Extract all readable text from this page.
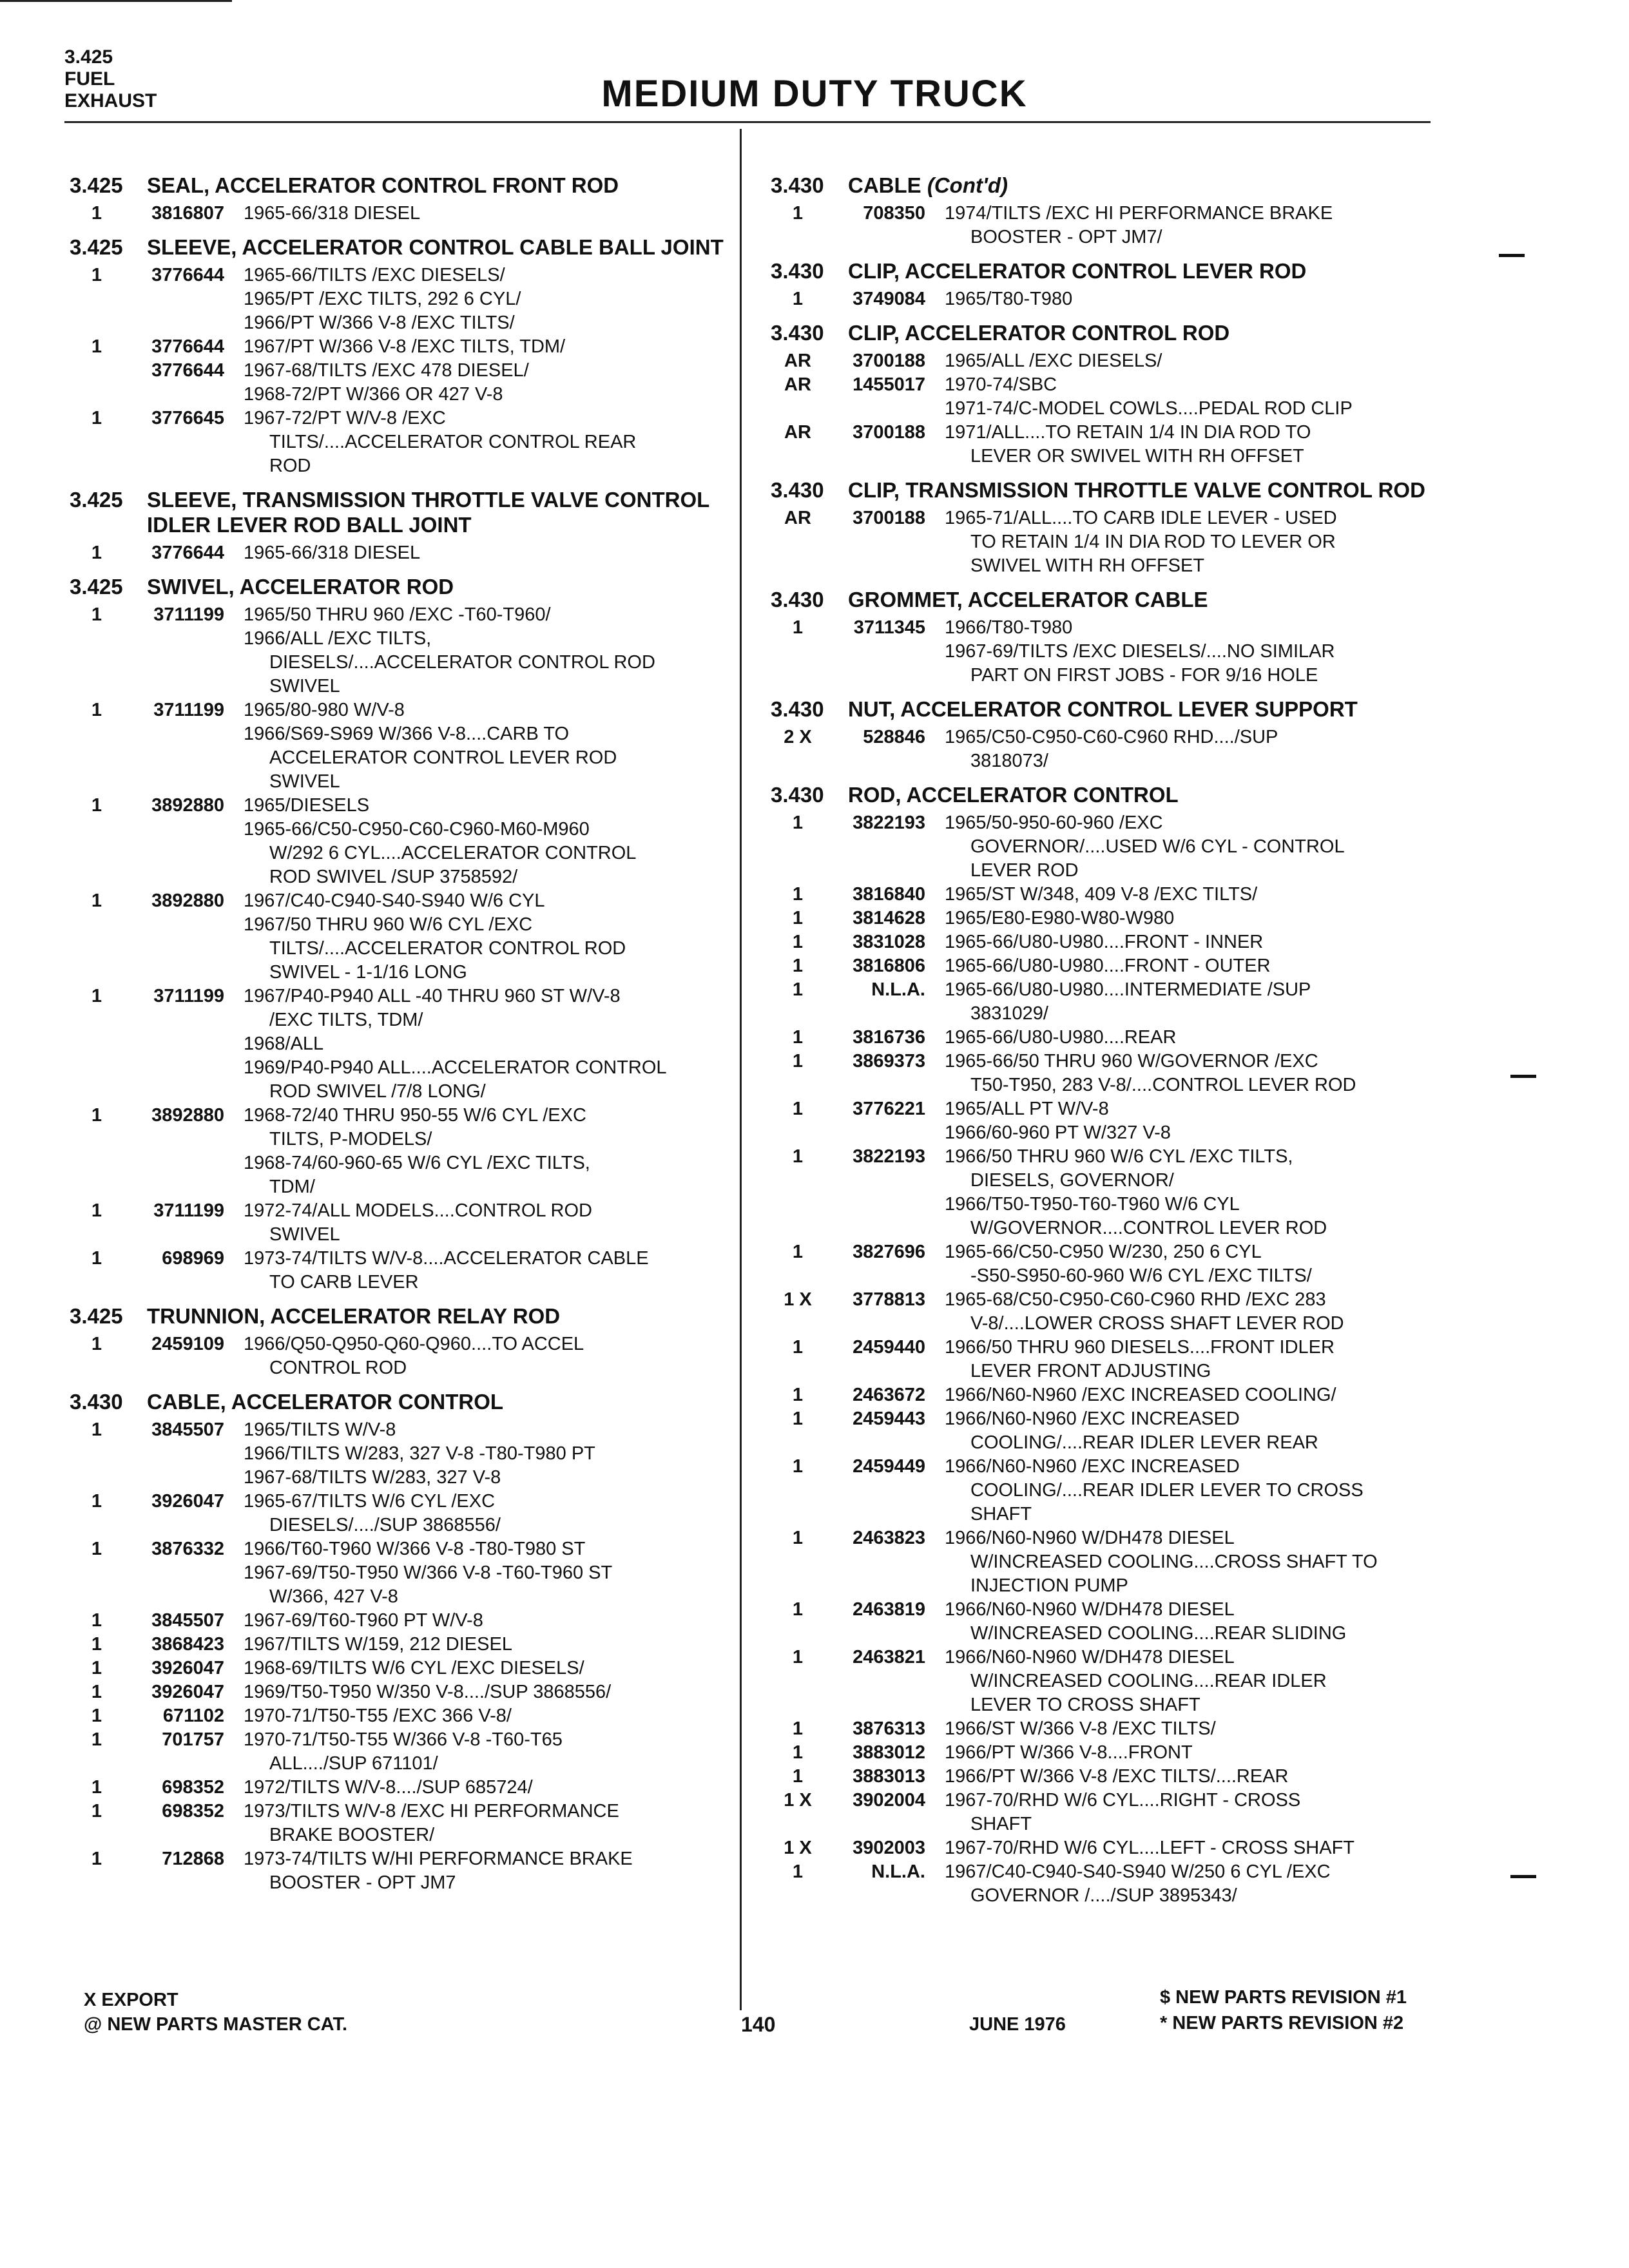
3.425
FUEL
EXHAUST	MEDIUM DUTY TRUCK
3.425	SEAL, ACCELERATOR CONTROL FRONT ROD
1	3816807	1965-66/318 DIESEL
3.425	SLEEVE, ACCELERATOR CONTROL CABLE BALL JOINT
1	3776644	1965-66/TILTS /EXC DIESELS/
1965/PT /EXC TILTS, 292 6 CYL/
1966/PT W/366 V-8 /EXC TILTS/
1	3776644	1967/PT W/366 V-8 /EXC TILTS, TDM/
3776644	1967-68/TILTS /EXC 478 DIESEL/
1968-72/PT W/366 OR 427 V-8
1	3776645	1967-72/PT W/V-8 /EXC
TILTS/....ACCELERATOR CONTROL REAR
ROD
3.425	SLEEVE, TRANSMISSION THROTTLE VALVE CONTROL IDLER LEVER ROD BALL JOINT
1	3776644	1965-66/318 DIESEL
3.425	SWIVEL, ACCELERATOR ROD
1	3711199	1965/50 THRU 960 /EXC -T60-T960/
1966/ALL /EXC TILTS,
DIESELS/....ACCELERATOR CONTROL ROD
SWIVEL
1	3711199	1965/80-980 W/V-8
1966/S69-S969 W/366 V-8....CARB TO
ACCELERATOR CONTROL LEVER ROD
SWIVEL
1	3892880	1965/DIESELS
1965-66/C50-C950-C60-C960-M60-M960
W/292 6 CYL....ACCELERATOR CONTROL
ROD SWIVEL /SUP 3758592/
1	3892880	1967/C40-C940-S40-S940 W/6 CYL
1967/50 THRU 960 W/6 CYL /EXC
TILTS/....ACCELERATOR CONTROL ROD
SWIVEL - 1-1/16 LONG
1	3711199	1967/P40-P940 ALL -40 THRU 960 ST W/V-8
/EXC TILTS, TDM/
1968/ALL
1969/P40-P940 ALL....ACCELERATOR CONTROL
ROD SWIVEL /7/8 LONG/
1	3892880	1968-72/40 THRU 950-55 W/6 CYL /EXC
TILTS, P-MODELS/
1968-74/60-960-65 W/6 CYL /EXC TILTS,
TDM/
1	3711199	1972-74/ALL MODELS....CONTROL ROD
SWIVEL
1	698969	1973-74/TILTS W/V-8....ACCELERATOR CABLE
TO CARB LEVER
3.425	TRUNNION, ACCELERATOR RELAY ROD
1	2459109	1966/Q50-Q950-Q60-Q960....TO ACCEL
CONTROL ROD
3.430	CABLE, ACCELERATOR CONTROL
1	3845507	1965/TILTS W/V-8
1966/TILTS W/283, 327 V-8 -T80-T980 PT
1967-68/TILTS W/283, 327 V-8
1	3926047	1965-67/TILTS W/6 CYL /EXC
DIESELS/..../SUP 3868556/
1	3876332	1966/T60-T960 W/366 V-8 -T80-T980 ST
1967-69/T50-T950 W/366 V-8 -T60-T960 ST
W/366, 427 V-8
1	3845507	1967-69/T60-T960 PT W/V-8
1	3868423	1967/TILTS W/159, 212 DIESEL
1	3926047	1968-69/TILTS W/6 CYL /EXC DIESELS/
1	3926047	1969/T50-T950 W/350 V-8..../SUP 3868556/
1	671102	1970-71/T50-T55 /EXC 366 V-8/
1	701757	1970-71/T50-T55 W/366 V-8 -T60-T65
ALL..../SUP 671101/
1	698352	1972/TILTS W/V-8..../SUP 685724/
1	698352	1973/TILTS W/V-8 /EXC HI PERFORMANCE
BRAKE BOOSTER/
1	712868	1973-74/TILTS W/HI PERFORMANCE BRAKE
BOOSTER - OPT JM7
3.430	CABLE (Cont'd)
1	708350	1974/TILTS /EXC HI PERFORMANCE BRAKE
BOOSTER - OPT JM7/
3.430	CLIP, ACCELERATOR CONTROL LEVER ROD
1	3749084	1965/T80-T980
3.430	CLIP, ACCELERATOR CONTROL ROD
AR	3700188	1965/ALL /EXC DIESELS/
AR	1455017	1970-74/SBC
1971-74/C-MODEL COWLS....PEDAL ROD CLIP
AR	3700188	1971/ALL....TO RETAIN 1/4 IN DIA ROD TO
LEVER OR SWIVEL WITH RH OFFSET
3.430	CLIP, TRANSMISSION THROTTLE VALVE CONTROL ROD
AR	3700188	1965-71/ALL....TO CARB IDLE LEVER - USED
TO RETAIN 1/4 IN DIA ROD TO LEVER OR
SWIVEL WITH RH OFFSET
3.430	GROMMET, ACCELERATOR CABLE
1	3711345	1966/T80-T980
1967-69/TILTS /EXC DIESELS/....NO SIMILAR
PART ON FIRST JOBS - FOR 9/16 HOLE
3.430	NUT, ACCELERATOR CONTROL LEVER SUPPORT
2 X	528846	1965/C50-C950-C60-C960 RHD..../SUP
3818073/
3.430	ROD, ACCELERATOR CONTROL
1	3822193	1965/50-950-60-960 /EXC
GOVERNOR/....USED W/6 CYL - CONTROL
LEVER ROD
1	3816840	1965/ST W/348, 409 V-8 /EXC TILTS/
1	3814628	1965/E80-E980-W80-W980
1	3831028	1965-66/U80-U980....FRONT - INNER
1	3816806	1965-66/U80-U980....FRONT - OUTER
1	N.L.A.	1965-66/U80-U980....INTERMEDIATE /SUP
3831029/
1	3816736	1965-66/U80-U980....REAR
1	3869373	1965-66/50 THRU 960 W/GOVERNOR /EXC
T50-T950, 283 V-8/....CONTROL LEVER ROD
1	3776221	1965/ALL PT W/V-8
1966/60-960 PT W/327 V-8
1	3822193	1966/50 THRU 960 W/6 CYL /EXC TILTS,
DIESELS, GOVERNOR/
1966/T50-T950-T60-T960 W/6 CYL
W/GOVERNOR....CONTROL LEVER ROD
1	3827696	1965-66/C50-C950 W/230, 250 6 CYL
-S50-S950-60-960 W/6 CYL /EXC TILTS/
1 X	3778813	1965-68/C50-C950-C60-C960 RHD /EXC 283
V-8/....LOWER CROSS SHAFT LEVER ROD
1	2459440	1966/50 THRU 960 DIESELS....FRONT IDLER
LEVER FRONT ADJUSTING
1	2463672	1966/N60-N960 /EXC INCREASED COOLING/
1	2459443	1966/N60-N960 /EXC INCREASED
COOLING/....REAR IDLER LEVER REAR
1	2459449	1966/N60-N960 /EXC INCREASED
COOLING/....REAR IDLER LEVER TO CROSS
SHAFT
1	2463823	1966/N60-N960 W/DH478 DIESEL
W/INCREASED COOLING....CROSS SHAFT TO
INJECTION PUMP
1	2463819	1966/N60-N960 W/DH478 DIESEL
W/INCREASED COOLING....REAR SLIDING
1	2463821	1966/N60-N960 W/DH478 DIESEL
W/INCREASED COOLING....REAR IDLER
LEVER TO CROSS SHAFT
1	3876313	1966/ST W/366 V-8 /EXC TILTS/
1	3883012	1966/PT W/366 V-8....FRONT
1	3883013	1966/PT W/366 V-8 /EXC TILTS/....REAR
1 X	3902004	1967-70/RHD W/6 CYL....RIGHT - CROSS
SHAFT
1 X	3902003	1967-70/RHD W/6 CYL....LEFT - CROSS SHAFT
1	N.L.A.	1967/C40-C940-S40-S940 W/250 6 CYL /EXC
GOVERNOR /..../SUP 3895343/
X EXPORT
@ NEW PARTS MASTER CAT.	140	JUNE 1976
$ NEW PARTS REVISION #1
* NEW PARTS REVISION #2
